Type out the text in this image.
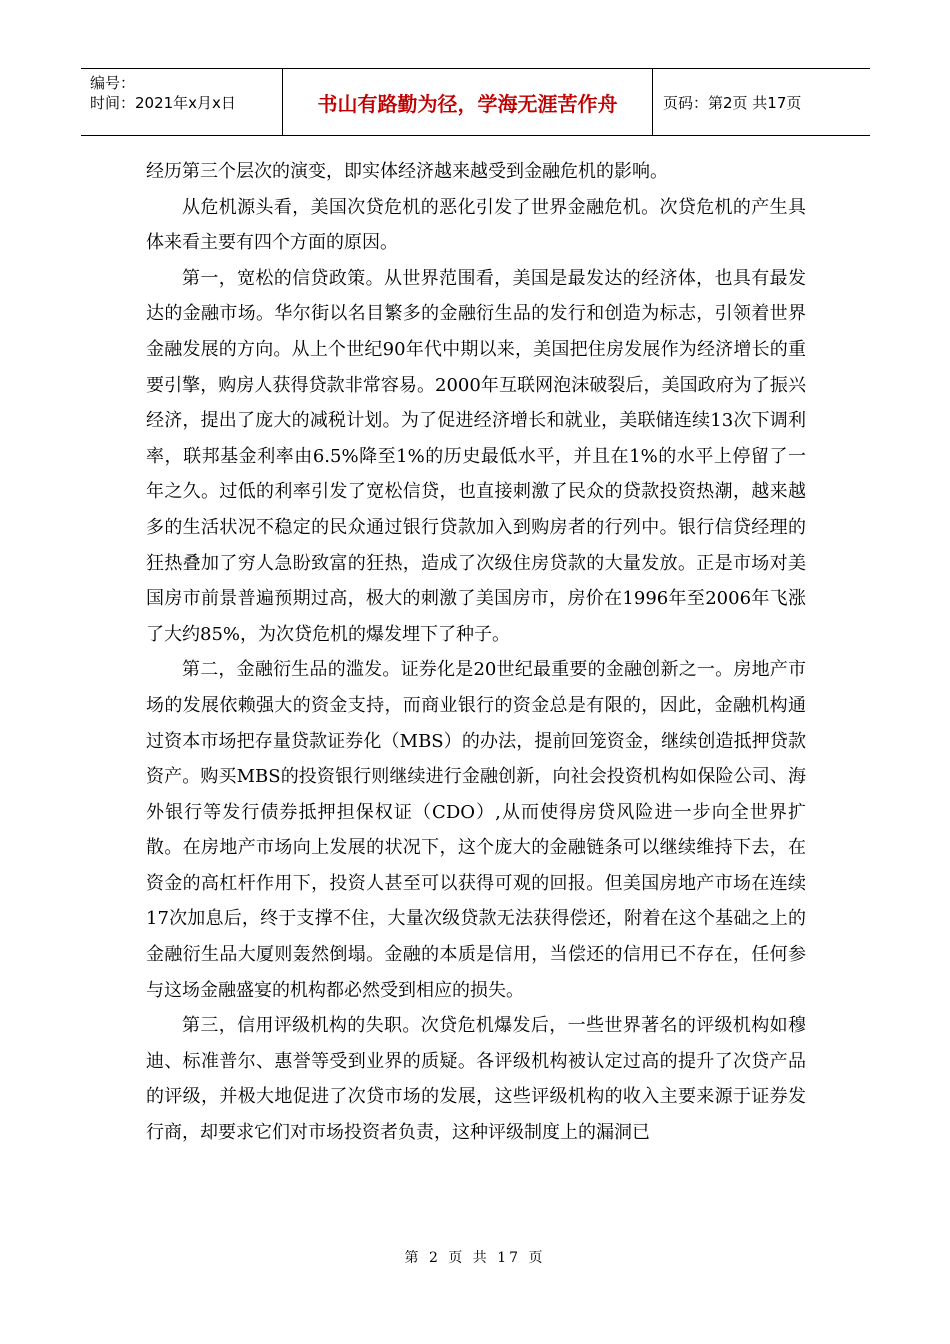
编号：
时间：2021年x月x日	书山有路勤为径，学海无涯苦作舟	页码：第2页 共17页

经历第三个层次的演变，即实体经济越来越受到金融危机的影响。

从危机源头看，美国次贷危机的恶化引发了世界金融危机。次贷危机的产生具体来看主要有四个方面的原因。

第一，宽松的信贷政策。从世界范围看，美国是最发达的经济体，也具有最发达的金融市场。华尔街以名目繁多的金融衍生品的发行和创造为标志，引领着世界金融发展的方向。从上个世纪90年代中期以来，美国把住房发展作为经济增长的重要引擎，购房人获得贷款非常容易。2000年互联网泡沫破裂后，美国政府为了振兴经济，提出了庞大的减税计划。为了促进经济增长和就业，美联储连续13次下调利率，联邦基金利率由6.5%降至1%的历史最低水平，并且在1%的水平上停留了一年之久。过低的利率引发了宽松信贷，也直接刺激了民众的贷款投资热潮，越来越多的生活状况不稳定的民众通过银行贷款加入到购房者的行列中。银行信贷经理的狂热叠加了穷人急盼致富的狂热，造成了次级住房贷款的大量发放。正是市场对美国房市前景普遍预期过高，极大的刺激了美国房市，房价在1996年至2006年飞涨了大约85%，为次贷危机的爆发埋下了种子。

第二，金融衍生品的滥发。证券化是20世纪最重要的金融创新之一。房地产市场的发展依赖强大的资金支持，而商业银行的资金总是有限的，因此，金融机构通过资本市场把存量贷款证券化（MBS）的办法，提前回笼资金，继续创造抵押贷款资产。购买MBS的投资银行则继续进行金融创新，向社会投资机构如保险公司、海外银行等发行债券抵押担保权证（CDO）,从而使得房贷风险进一步向全世界扩散。在房地产市场向上发展的状况下，这个庞大的金融链条可以继续维持下去，在资金的高杠杆作用下，投资人甚至可以获得可观的回报。但美国房地产市场在连续17次加息后，终于支撑不住，大量次级贷款无法获得偿还，附着在这个基础之上的金融衍生品大厦则轰然倒塌。金融的本质是信用，当偿还的信用已不存在，任何参与这场金融盛宴的机构都必然受到相应的损失。

第三，信用评级机构的失职。次贷危机爆发后，一些世界著名的评级机构如穆迪、标准普尔、惠誉等受到业界的质疑。各评级机构被认定过高的提升了次贷产品的评级，并极大地促进了次贷市场的发展，这些评级机构的收入主要来源于证券发行商，却要求它们对市场投资者负责，这种评级制度上的漏洞已

第 2 页 共 17 页
